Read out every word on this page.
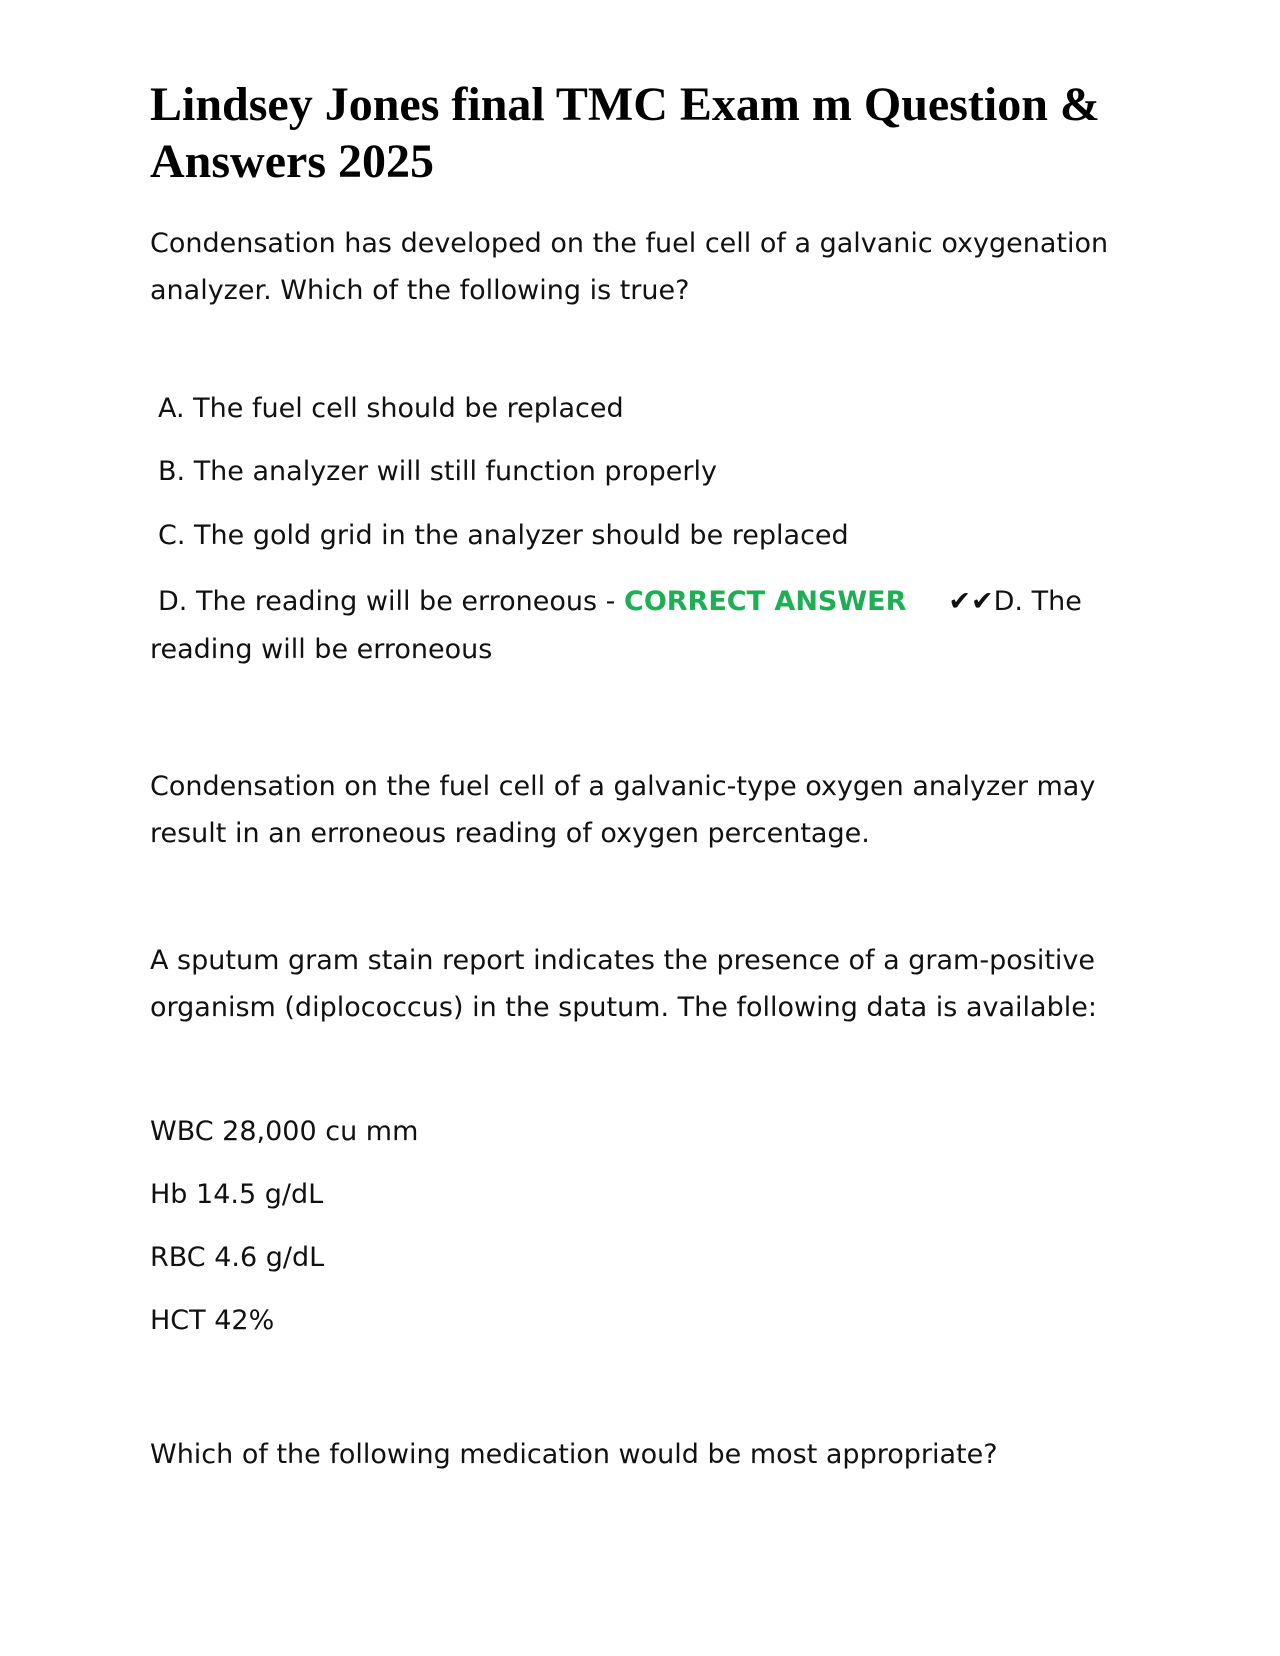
Lindsey Jones final TMC Exam m Question & Answers 2025

Condensation has developed on the fuel cell of a galvanic oxygenation analyzer. Which of the following is true?

A. The fuel cell should be replaced

B. The analyzer will still function properly

C. The gold grid in the analyzer should be replaced

D. The reading will be erroneous - CORRECT ANSWER ✔✔D. The

reading will be erroneous

Condensation on the fuel cell of a galvanic-type oxygen analyzer may result in an erroneous reading of oxygen percentage.

A sputum gram stain report indicates the presence of a gram-positive organism (diplococcus) in the sputum. The following data is available:

WBC 28,000 cu mm

Hb 14.5 g/dL

RBC 4.6 g/dL

HCT 42%

Which of the following medication would be most appropriate?
